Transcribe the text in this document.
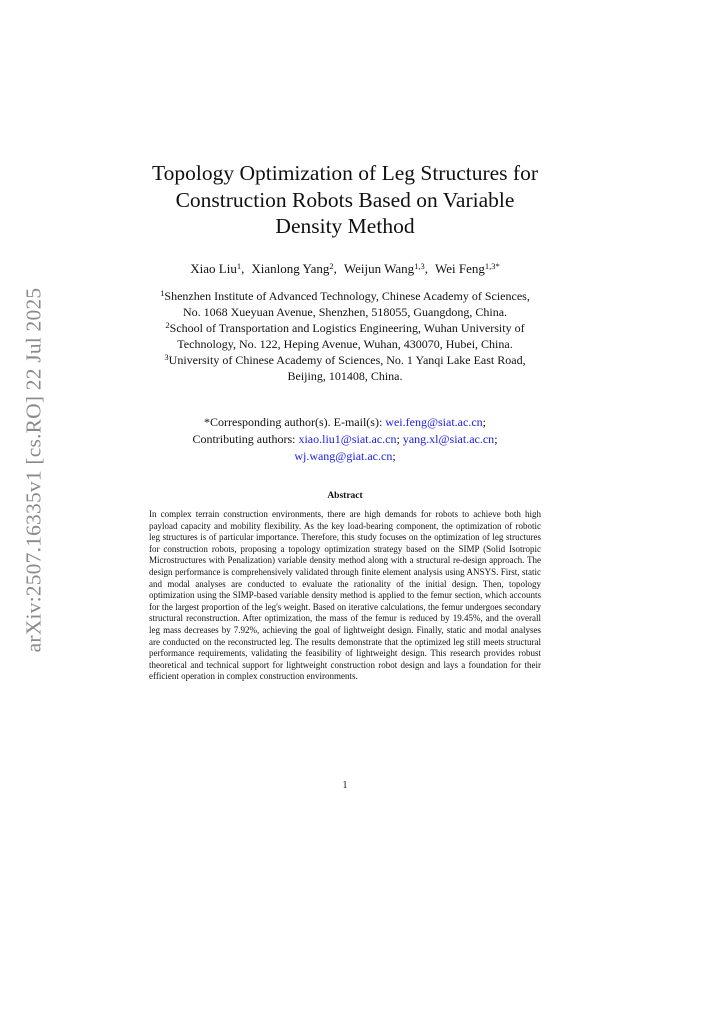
arXiv:2507.16335v1 [cs.RO] 22 Jul 2025
Topology Optimization of Leg Structures for Construction Robots Based on Variable Density Method
Xiao Liu$^1$, Xianlong Yang$^2$, Weijun Wang$^{1,3}$, Wei Feng$^{1,3*}$
$^1$Shenzhen Institute of Advanced Technology, Chinese Academy of Sciences,
No. 1068 Xueyuan Avenue, Shenzhen, 518055, Guangdong, China.
$^2$School of Transportation and Logistics Engineering, Wuhan University of
Technology, No. 122, Heping Avenue, Wuhan, 430070, Hubei, China.
$^3$University of Chinese Academy of Sciences, No. 1 Yanqi Lake East Road,
Beijing, 101408, China.
*Corresponding author(s). E-mail(s): wei.feng@siat.ac.cn;
Contributing authors: xiao.liu1@siat.ac.cn; yang.xl@siat.ac.cn;
wj.wang@giat.ac.cn;
Abstract

In complex terrain construction environments, there are high demands for robots to achieve both high payload capacity and mobility flexibility. As the key load-bearing component, the optimization of robotic leg structures is of particular importance. Therefore, this study focuses on the optimization of leg structures for construction robots, proposing a topology optimization strategy based on the SIMP (Solid Isotropic Microstructures with Penalization) variable density method along with a structural re-design approach. The design performance is comprehensively validated through finite element analysis using ANSYS. First, static and modal analyses are conducted to evaluate the rationality of the initial design. Then, topology optimization using the SIMP-based variable density method is applied to the femur section, which accounts for the largest proportion of the leg's weight. Based on iterative calculations, the femur undergoes secondary structural reconstruction. After optimization, the mass of the femur is reduced by 19.45%, and the overall leg mass decreases by 7.92%, achieving the goal of lightweight design. Finally, static and modal analyses are conducted on the reconstructed leg. The results demonstrate that the optimized leg still meets structural performance requirements, validating the feasibility of lightweight design. This research provides robust theoretical and technical support for lightweight construction robot design and lays a foundation for their efficient operation in complex construction environments.

1
